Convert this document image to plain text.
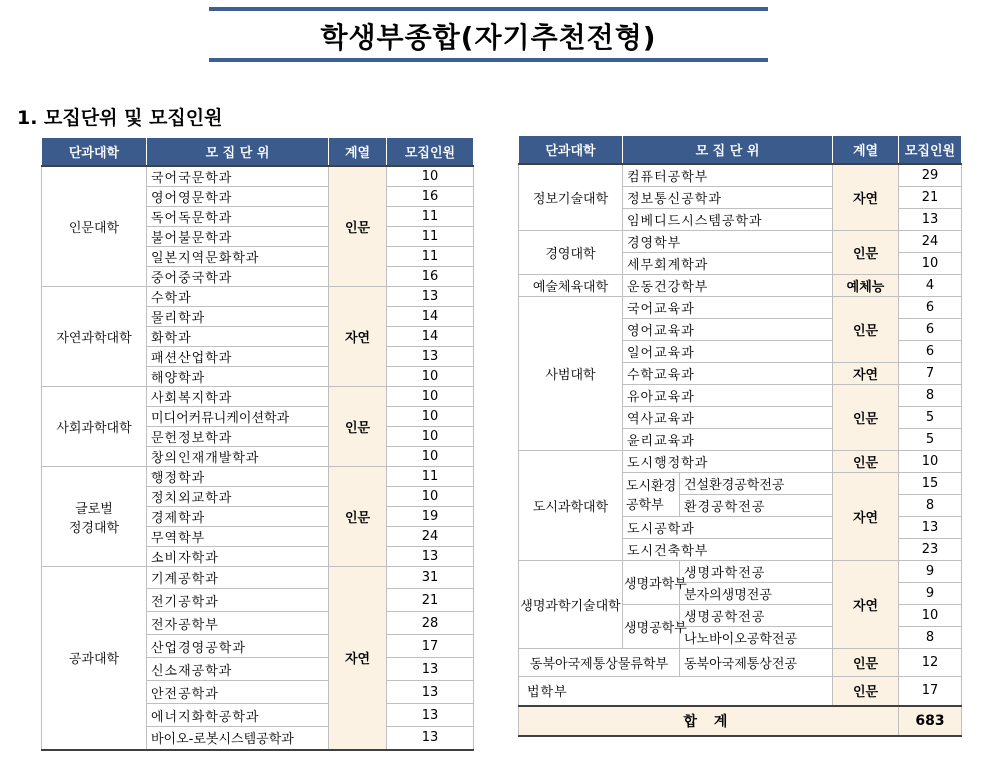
학생부종합(자기추천전형)
1. 모집단위 및 모집인원
단과대학	모 집 단 위	계열	모집인원
인문대학	국어국문학과	인문	10
	영어영문학과		16
	독어독문학과		11
	불어불문학과		11
	일본지역문화학과		11
	중어중국학과		16
자연과학대학	수학과	자연	13
	물리학과		14
	화학과		14
	패션산업학과		13
	해양학과		10
사회과학대학	사회복지학과	인문	10
	미디어커뮤니케이션학과		10
	문헌정보학과		10
	창의인재개발학과		10

글로벌
정경대학	행정학과	인문	11
	정치외교학과		10
	경제학과		19
	무역학부		24
	소비자학과		13
공과대학	기계공학과	자연	31
	전기공학과		21
	전자공학부		28
	산업경영공학과		17
	신소재공학과		13
	안전공학과		13
	에너지화학공학과		13
	바이오-로봇시스템공학과		13
단과대학	모 집 단 위		계열	모집인원
정보기술대학	컴퓨터공학부		자연	29
	정보통신공학과			21
	임베디드시스템공학과			13
경영대학	경영학부		인문	24
	세무회계학과			10
예술체육대학	운동건강학부		예체능	4
사범대학	국어교육과		인문	6
	영어교육과			6
	일어교육과			6
	수학교육과		자연	7
	유아교육과		인문	8
	역사교육과			5
	윤리교육과			5
도시과학대학	도시행정학과		인문	10

	도시환경
공학부	건설환경공학전공	자연	15
		환경공학전공		8
	도시공학과			13
	도시건축학부			23
생명과학기술대학	생명과학부	생명과학전공	자연	9
		분자의생명전공		9
	생명공학부	생명공학전공		10
		나노바이오공학전공		8
동북아국제통상물류학부		동북아국제통상전공	인문	12
법학부			인문	17
합 계				683
